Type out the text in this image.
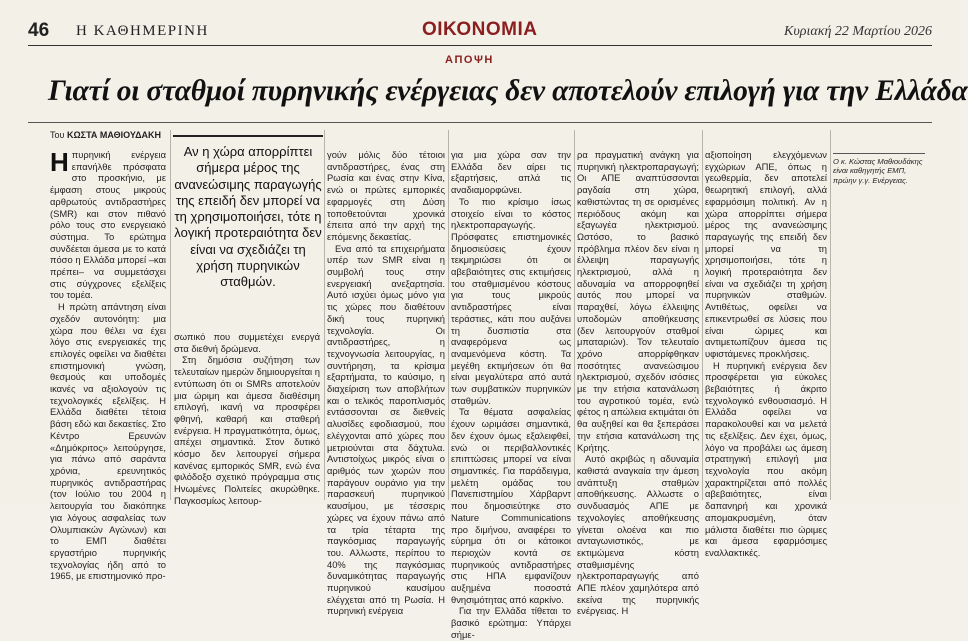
46 Η ΚΑΘΗΜΕΡΙΝΗ	ΟΙΚΟΝΟΜΙΑ	Κυριακή 22 Μαρτίου 2026
ΑΠΟΨΗ
Γιατί οι σταθμοί πυρηνικής ενέργειας δεν αποτελούν επιλογή για την Ελλάδα
Του ΚΩΣΤΑ ΜΑΘΙΟΥΔΑΚΗ

Ηπυρηνική ενέργεια επανήλθε πρόσφατα στο προσκήνιο, με έμφαση στους μικρούς αρθρωτούς αντιδραστήρες (SMR) και στον πιθανό ρόλο τους στο ενεργειακό σύστημα. Το ερώτημα συνδέεται άμεσα με το κατά πόσο η Ελλάδα μπορεί –και πρέπει– να συμμετάσχει στις σύγχρονες εξελίξεις του τομέα.

Η πρώτη απάντηση είναι σχεδόν αυτονόητη: μια χώρα που θέλει να έχει λόγο στις ενεργειακές της επιλογές οφείλει να διαθέτει επιστημονική γνώση, θεσμούς και υποδομές ικανές να αξιολογούν τις τεχνολογικές εξελίξεις. Η Ελλάδα διαθέτει τέτοια βάση εδώ και δεκαετίες. Στο Κέντρο Ερευνών «Δημόκριτος» λειτούργησε, για πάνω από σαράντα χρόνια, ερευνητικός πυρηνικός αντιδραστήρας (τον Ιούλιο του 2004 η λειτουργία του διακόπηκε για λόγους ασφαλείας των Ολυμπιακών Αγώνων) και το ΕΜΠ διαθέτει εργαστήριο πυρηνικής τεχνολογίας ήδη από το 1965, με επιστημονικό προ-

Αν η χώρα απορρίπτει σήμερα μέρος της ανανεώσιμης παραγωγής της επειδή δεν μπορεί να τη χρησιμοποιήσει, τότε η λογική προτεραιότητα δεν είναι να σχεδιάζει τη χρήση πυρηνικών σταθμών.

σωπικό που συμμετέχει ενεργά στα διεθνή δρώμενα.

Στη δημόσια συζήτηση των τελευταίων ημερών δημιουργείται η εντύπωση ότι οι SMRs αποτελούν μια ώριμη και άμεσα διαθέσιμη επιλογή, ικανή να προσφέρει φθηνή, καθαρή και σταθερή ενέργεια. Η πραγματικότητα, όμως, απέχει σημαντικά. Στον δυτικό κόσμο δεν λειτουργεί σήμερα κανένας εμπορικός SMR, ενώ ένα φιλόδοξο σχετικό πρόγραμμα στις Ηνωμένες Πολιτείες ακυρώθηκε. Παγκοσμίως λειτουρ-

γούν μόλις δύο τέτοιοι αντιδραστήρες, ένας στη Ρωσία και ένας στην Κίνα, ενώ οι πρώτες εμπορικές εφαρμογές στη Δύση τοποθετούνται χρονικά έπειτα από την αρχή της επόμενης δεκαετίας.

Ενα από τα επιχειρήματα υπέρ των SMR είναι η συμβολή τους στην ενεργειακή ανεξαρτησία. Αυτό ισχύει όμως μόνο για τις χώρες που διαθέτουν δική τους πυρηνική τεχνολογία. Οι αντιδραστήρες, η τεχνογνωσία λειτουργίας, η συντήρηση, τα κρίσιμα εξαρτήματα, το καύσιμο, η διαχείριση των αποβλήτων και ο τελικός παροπλισμός εντάσσονται σε διεθνείς αλυσίδες εφοδιασμού, που ελέγχονται από χώρες που μετριούνται στα δάχτυλα. Αντιστοίχως μικρός είναι ο αριθμός των χωρών που παράγουν ουράνιο για την παρασκευή πυρηνικού καυσίμου, με τέσσερις χώρες να έχουν πάνω από τα τρία τέταρτα της παγκόσμιας παραγωγής του. Αλλωστε, περίπου το 40% της παγκόσμιας δυναμικότητας παραγωγής πυρηνικού καυσίμου ελέγχεται από τη Ρωσία. Η πυρηνική ενέργεια

για μια χώρα σαν την Ελλάδα δεν αίρει τις εξαρτήσεις, απλά τις αναδιαμορφώνει.

Το πιο κρίσιμο ίσως στοιχείο είναι το κόστος ηλεκτροπαραγωγής. Πρόσφατες επιστημονικές δημοσιεύσεις έχουν τεκμηριώσει ότι οι αβεβαιότητες στις εκτιμήσεις του σταθμισμένου κόστους για τους μικρούς αντιδραστήρες είναι τεράστιες, κάτι που αυξάνει τη δυσπιστία στα αναφερόμενα ως αναμενόμενα κόστη. Τα μεγέθη εκτιμήσεων ότι θα είναι μεγαλύτερα από αυτά των συμβατικών πυρηνικών σταθμών.

Τα θέματα ασφαλείας έχουν ωριμάσει σημαντικά, δεν έχουν όμως εξαλειφθεί, ενώ οι περιβαλλοντικές επιπτώσεις μπορεί να είναι σημαντικές. Για παράδειγμα, μελέτη ομάδας του Πανεπιστημίου Χάρβαρντ που δημοσιεύτηκε στο Nature Communications προ διμήνου, αναφέρει το εύρημα ότι οι κάτοικοι περιοχών κοντά σε πυρηνικούς αντιδραστήρες στις ΗΠΑ εμφανίζουν αυξημένα ποσοστά θνησιμότητας από καρκίνο.

Για την Ελλάδα τίθεται το βασικό ερώτημα: Υπάρχει σήμε-

ρα πραγματική ανάγκη για πυρηνική ηλεκτροπαραγωγή; Οι ΑΠΕ αναπτύσσονται ραγδαία στη χώρα, καθιστώντας τη σε ορισμένες περιόδους ακόμη και εξαγωγέα ηλεκτρισμού. Ωστόσο, το βασικό πρόβλημα πλέον δεν είναι η έλλειψη παραγωγής ηλεκτρισμού, αλλά η αδυναμία να απορροφηθεί αυτός που μπορεί να παραχθεί, λόγω έλλειψης υποδομών αποθήκευσης (δεν λειτουργούν σταθμοί μπαταριών). Τον τελευταίο χρόνο απορρίφθηκαν ποσότητες ανανεώσιμου ηλεκτρισμού, σχεδόν ισόσιες με την ετήσια κατανάλωση του αγροτικού τομέα, ενώ φέτος η απώλεια εκτιμάται ότι θα αυξηθεί και θα ξεπεράσει την ετήσια κατανάλωση της Κρήτης.

Αυτό ακριβώς η αδυναμία καθιστά αναγκαία την άμεση ανάπτυξη σταθμών αποθήκευσης. Αλλωστε ο συνδυασμός ΑΠΕ με τεχνολογίες αποθήκευσης γίνεται ολοένα και πιο ανταγωνιστικός, με εκτιμώμενα κόστη σταθμισμένης ηλεκτροπαραγωγής από ΑΠΕ πλέον χαμηλότερα από εκείνα της πυρηνικής ενέργειας. Η

αξιοποίηση ελεγχόμενων εγχώριων ΑΠΕ, όπως η γεωθερμία, δεν αποτελεί θεωρητική επιλογή, αλλά εφαρμόσιμη πολιτική. Αν η χώρα απορρίπτει σήμερα μέρος της ανανεώσιμης παραγωγής της επειδή δεν μπορεί να τη χρησιμοποιήσει, τότε η λογική προτεραιότητα δεν είναι να σχεδιάζει τη χρήση πυρηνικών σταθμών. Αντιθέτως, οφείλει να επικεντρωθεί σε λύσεις που είναι ώριμες και αντιμετωπίζουν άμεσα τις υφιστάμενες προκλήσεις.

Η πυρηνική ενέργεια δεν προσφέρεται για εύκολες βεβαιότητες ή άκριτο τεχνολογικό ενθουσιασμό. Η Ελλάδα οφείλει να παρακολουθεί και να μελετά τις εξελίξεις. Δεν έχει, όμως, λόγο να προβάλει ως άμεση στρατηγική επιλογή μια τεχνολογία που ακόμη χαρακτηρίζεται από πολλές αβεβαιότητες, είναι δαπανηρή και χρονικά απομακρυσμένη, όταν μάλιστα διαθέτει πιο ώριμες και άμεσα εφαρμόσιμες εναλλακτικές.

Ο κ. Κώστας Μαθιουδάκης είναι καθηγητής ΕΜΠ, πρώην γ.γ. Ενέργειας.
